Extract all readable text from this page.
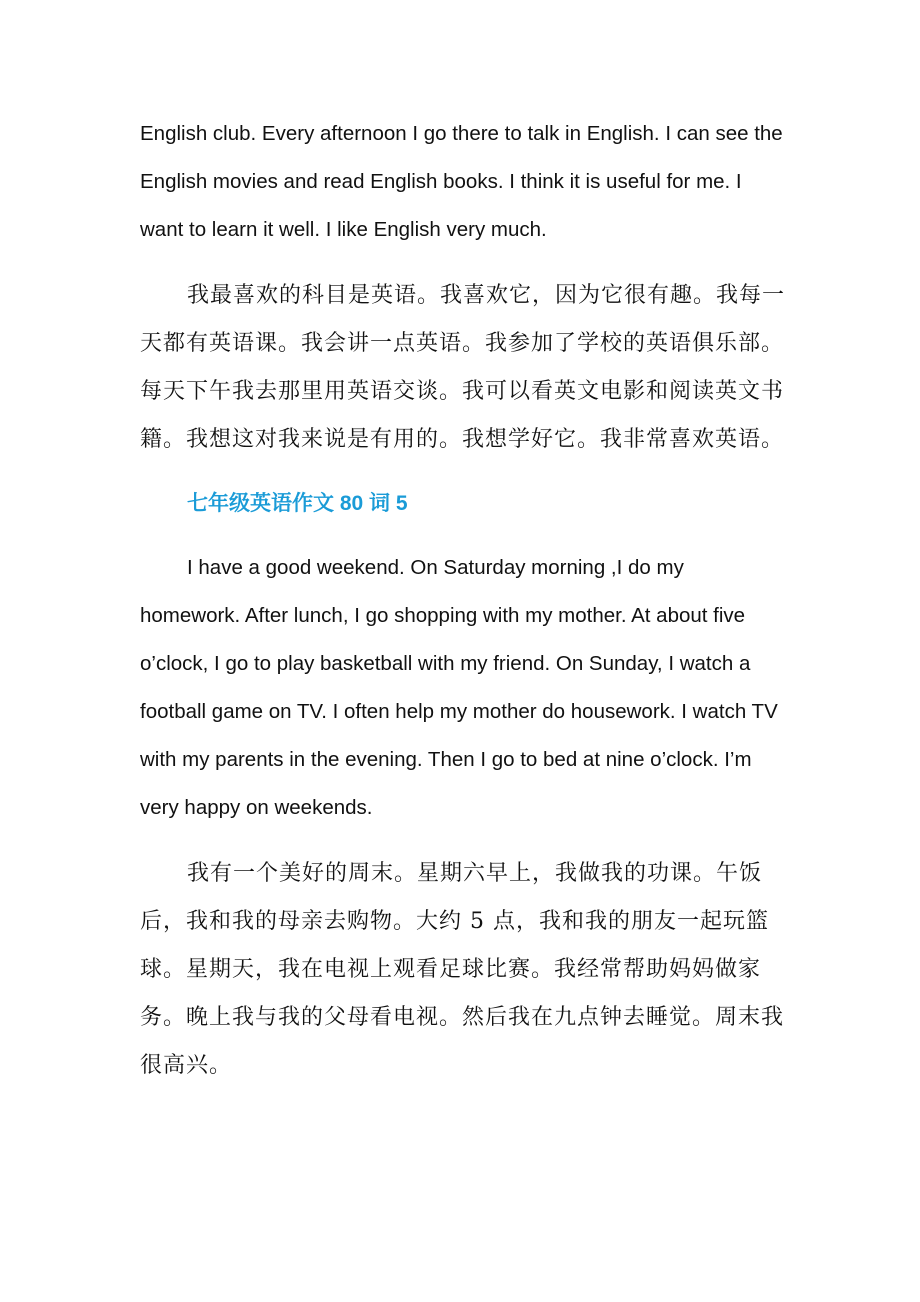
English club. Every afternoon I go there to talk in English. I can see the English movies and read English books. I think it is useful for me. I want to learn it well. I like English very much.

我最喜欢的科目是英语。我喜欢它，因为它很有趣。我每一天都有英语课。我会讲一点英语。我参加了学校的英语俱乐部。每天下午我去那里用英语交谈。我可以看英文电影和阅读英文书籍。我想这对我来说是有用的。我想学好它。我非常喜欢英语。

七年级英语作文 80 词 5

I have a good weekend. On Saturday morning ,I do my homework. After lunch, I go shopping with my mother. At about five o’clock, I go to play basketball with my friend. On Sunday, I watch a football game on TV. I often help my mother do housework. I watch TV with my parents in the evening. Then I go to bed at nine o’clock. I’m very happy on weekends.

我有一个美好的周末。星期六早上，我做我的功课。午饭后，我和我的母亲去购物。大约 5 点，我和我的朋友一起玩篮球。星期天，我在电视上观看足球比赛。我经常帮助妈妈做家务。晚上我与我的父母看电视。然后我在九点钟去睡觉。周末我很高兴。
